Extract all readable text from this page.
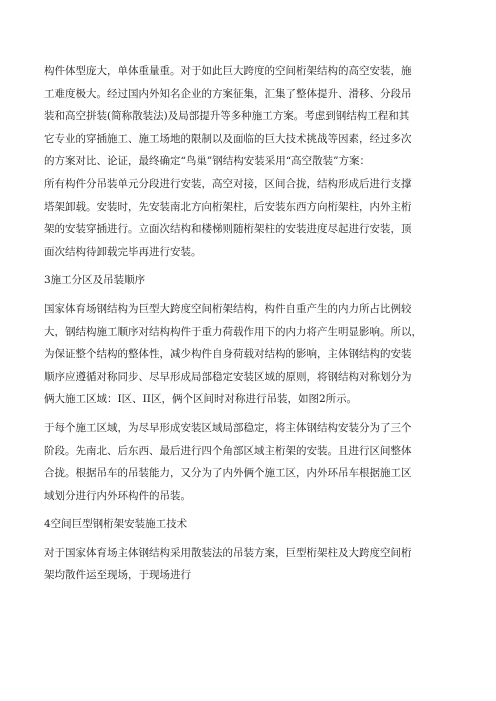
构件体型庞大，单体重量重。对于如此巨大跨度的空间桁架结构的高空安装，施

工难度极大。经过国内外知名企业的方案征集，汇集了整体提升、滑移、分段吊

装和高空拼装(简称散装法)及局部提升等多种施工方案。考虑到钢结构工程和其

它专业的穿插施工、施工场地的限制以及面临的巨大技术挑战等因素，经过多次

的方案对比、论证，最终确定“鸟巢”钢结构安装采用“高空散装”方案：

所有构件分吊装单元分段进行安装，高空对接，区间合拢，结构形成后进行支撑

塔架卸载。安装时，先安装南北方向桁架柱，后安装东西方向桁架柱，内外主桁

架的安装穿插进行。立面次结构和楼梯则随桁架柱的安装进度尽起进行安装，顶

面次结构待卸载完毕再进行安装。

3施工分区及吊装顺序

国家体育场钢结构为巨型大跨度空间桁架结构，构件自重产生的内力所占比例较

大，钢结构施工顺序对结构构件于重力荷载作用下的内力将产生明显影响。所以，

为保证整个结构的整体性，减少构件自身荷载对结构的影响，主体钢结构的安装

顺序应遵循对称同步、尽早形成局部稳定安装区域的原则，将钢结构对称划分为

俩大施工区域：I区、II区，俩个区间时对称进行吊装，如图2所示。

于每个施工区域，为尽早形成安装区域局部稳定，将主体钢结构安装分为了三个

阶段。先南北、后东西、最后进行四个角部区域主桁架的安装。且进行区间整体

合拢。根据吊车的吊装能力，又分为了内外俩个施工区，内外环吊车根据施工区

域划分进行内外环构件的吊装。

4空间巨型钢桁架安装施工技术

对于国家体育场主体钢结构采用散装法的吊装方案，巨型桁架柱及大跨度空间桁

架均散件运至现场，于现场进行
